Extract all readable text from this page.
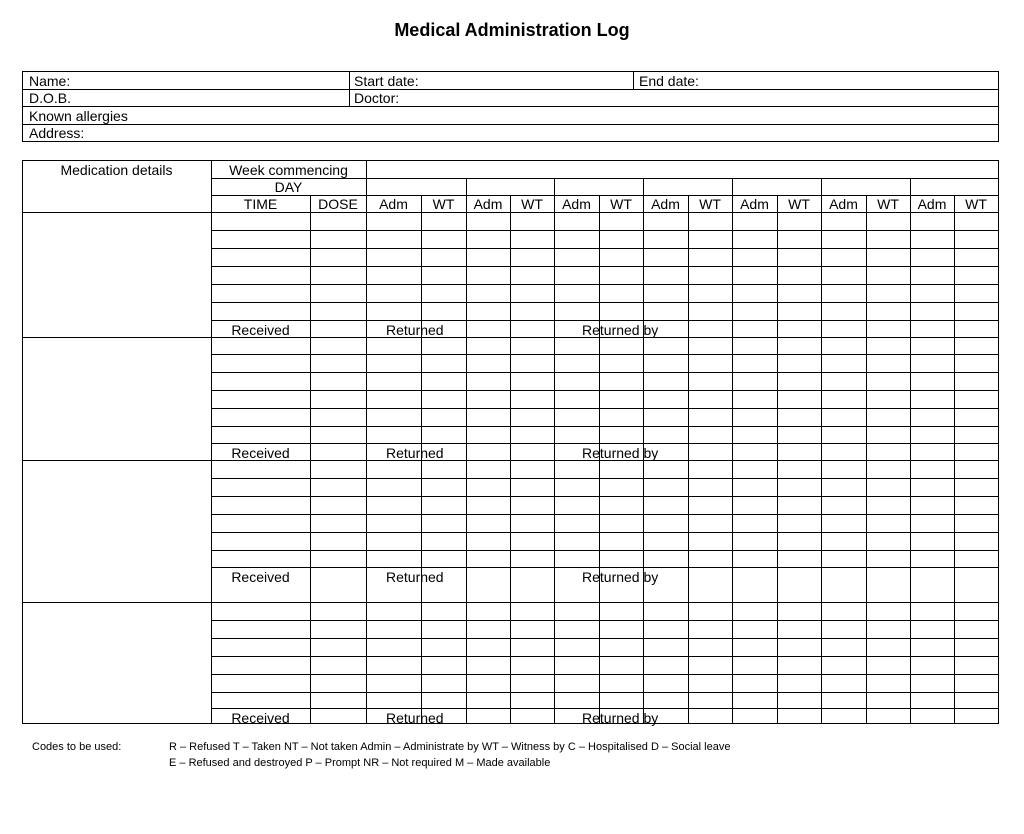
Medical Administration Log
Name:	Start date:	End date:
D.O.B.	Doctor:
Known allergies
Address:
Medication details	Week commencing
DAY
TIME	DOSE	Adm	WT	Adm	WT	Adm	WT	Adm	WT	Adm	WT	Adm	WT	Adm	WT
Received	Returned	Returned by
Received	Returned	Returned by
Received	Returned	Returned by
Received	Returned	Returned by
Codes to be used:	R – Refused T – Taken NT – Not taken Admin – Administrate by WT – Witness by C – Hospitalised D – Social leave
E – Refused and destroyed P – Prompt NR – Not required M – Made available
